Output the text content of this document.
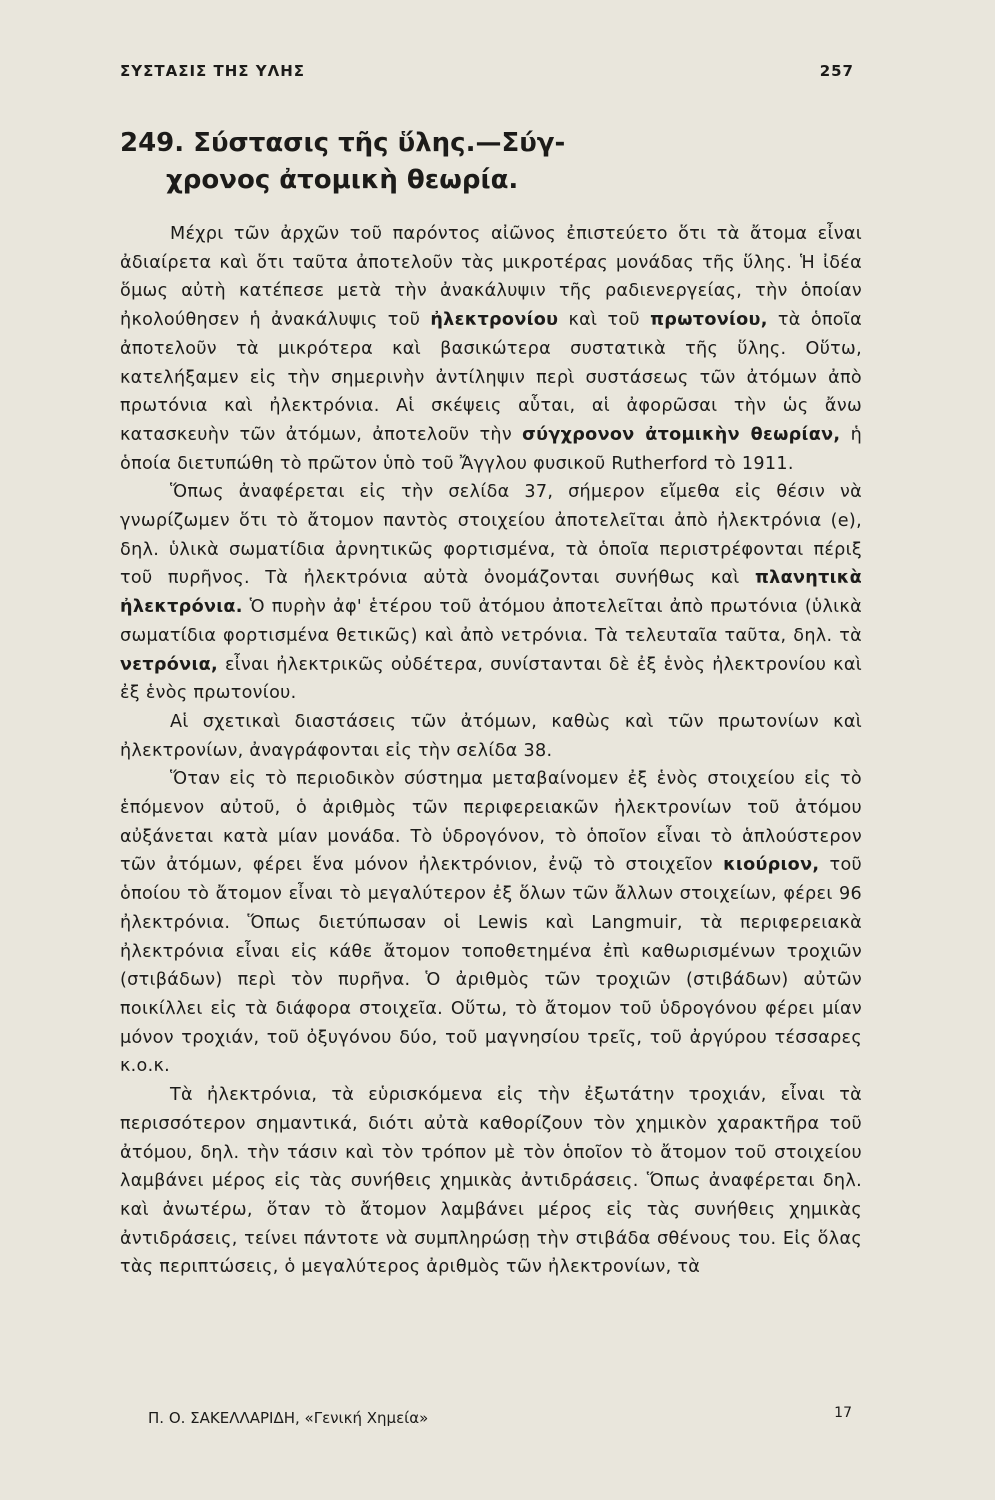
ΣΥΣΤΑΣΙΣ ΤΗΣ ΥΛΗΣ	257
249. Σύστασις τῆς ὕλης.—Σύγ-
χρονος ἀτομικὴ θεωρία.

Μέχρι τῶν ἀρχῶν τοῦ παρόντος αἰῶνος ἐπιστεύετο ὅτι τὰ ἄτομα εἶναι ἀδιαίρετα καὶ ὅτι ταῦτα ἀποτελοῦν τὰς μικροτέρας μονάδας τῆς ὕλης. Ἡ ἰδέα ὅμως αὐτὴ κατέπεσε μετὰ τὴν ἀνακάλυψιν τῆς ραδιενεργείας, τὴν ὁποίαν ἠκολούθησεν ἡ ἀνακάλυψις τοῦ ἠλεκτρονίου καὶ τοῦ πρωτονίου, τὰ ὁποῖα ἀποτελοῦν τὰ μικρότερα καὶ βασικώτερα συστατικὰ τῆς ὕλης. Οὕτω, κατελήξαμεν εἰς τὴν σημερινὴν ἀντίληψιν περὶ συστάσεως τῶν ἀτόμων ἀπὸ πρωτόνια καὶ ἠλεκτρόνια. Αἱ σκέψεις αὗται, αἱ ἀφορῶσαι τὴν ὡς ἄνω κατασκευὴν τῶν ἀτόμων, ἀποτελοῦν τὴν σύγχρονον ἀτομικὴν θεωρίαν, ἡ ὁποία διετυπώθη τὸ πρῶτον ὑπὸ τοῦ Ἄγγλου φυσικοῦ Rutherford τὸ 1911.

Ὅπως ἀναφέρεται εἰς τὴν σελίδα 37, σήμερον εἴμεθα εἰς θέσιν νὰ γνωρίζωμεν ὅτι τὸ ἄτομον παντὸς στοιχείου ἀποτελεῖται ἀπὸ ἠλεκτρόνια (e), δηλ. ὑλικὰ σωματίδια ἀρνητικῶς φορτισμένα, τὰ ὁποῖα περιστρέφονται πέριξ τοῦ πυρῆνος. Τὰ ἠλεκτρόνια αὐτὰ ὀνομάζονται συνήθως καὶ πλανητικὰ ἠλεκτρόνια. Ὁ πυρὴν ἀφ' ἑτέρου τοῦ ἀτόμου ἀποτελεῖται ἀπὸ πρωτόνια (ὑλικὰ σωματίδια φορτισμένα θετικῶς) καὶ ἀπὸ νετρόνια. Τὰ τελευταῖα ταῦτα, δηλ. τὰ νετρόνια, εἶναι ἠλεκτρικῶς οὐδέτερα, συνίστανται δὲ ἐξ ἑνὸς ἠλεκτρονίου καὶ ἐξ ἑνὸς πρωτονίου.

Αἱ σχετικαὶ διαστάσεις τῶν ἀτόμων, καθὼς καὶ τῶν πρωτονίων καὶ ἠλεκτρονίων, ἀναγράφονται εἰς τὴν σελίδα 38.

Ὅταν εἰς τὸ περιοδικὸν σύστημα μεταβαίνομεν ἐξ ἑνὸς στοιχείου εἰς τὸ ἑπόμενον αὐτοῦ, ὁ ἀριθμὸς τῶν περιφερειακῶν ἠλεκτρονίων τοῦ ἀτόμου αὐξάνεται κατὰ μίαν μονάδα. Τὸ ὑδρογόνον, τὸ ὁποῖον εἶναι τὸ ἁπλούστερον τῶν ἀτόμων, φέρει ἕνα μόνον ἠλεκτρόνιον, ἐνῷ τὸ στοιχεῖον κιούριον, τοῦ ὁποίου τὸ ἄτομον εἶναι τὸ μεγαλύτερον ἐξ ὅλων τῶν ἄλλων στοιχείων, φέρει 96 ἠλεκτρόνια. Ὅπως διετύπωσαν οἱ Lewis καὶ Langmuir, τὰ περιφερειακὰ ἠλεκτρόνια εἶναι εἰς κάθε ἄτομον τοποθετημένα ἐπὶ καθωρισμένων τροχιῶν (στιβάδων) περὶ τὸν πυρῆνα. Ὁ ἀριθμὸς τῶν τροχιῶν (στιβάδων) αὐτῶν ποικίλλει εἰς τὰ διάφορα στοιχεῖα. Οὕτω, τὸ ἄτομον τοῦ ὑδρογόνου φέρει μίαν μόνον τροχιάν, τοῦ ὀξυγόνου δύο, τοῦ μαγνησίου τρεῖς, τοῦ ἀργύρου τέσσαρες κ.ο.κ.

Τὰ ἠλεκτρόνια, τὰ εὑρισκόμενα εἰς τὴν ἐξωτάτην τροχιάν, εἶναι τὰ περισσότερον σημαντικά, διότι αὐτὰ καθορίζουν τὸν χημικὸν χαρακτῆρα τοῦ ἀτόμου, δηλ. τὴν τάσιν καὶ τὸν τρόπον μὲ τὸν ὁποῖον τὸ ἄτομον τοῦ στοιχείου λαμβάνει μέρος εἰς τὰς συνήθεις χημικὰς ἀντιδράσεις. Ὅπως ἀναφέρεται δηλ. καὶ ἀνωτέρω, ὅταν τὸ ἄτομον λαμβάνει μέρος εἰς τὰς συνήθεις χημικὰς ἀντιδράσεις, τείνει πάντοτε νὰ συμπληρώσῃ τὴν στιβάδα σθένους του. Εἰς ὅλας τὰς περιπτώσεις, ὁ μεγαλύτερος ἀριθμὸς τῶν ἠλεκτρονίων, τὰ

Π. Ο. ΣΑΚΕΛΛΑΡΙΔΗ, «Γενική Χημεία»	17
